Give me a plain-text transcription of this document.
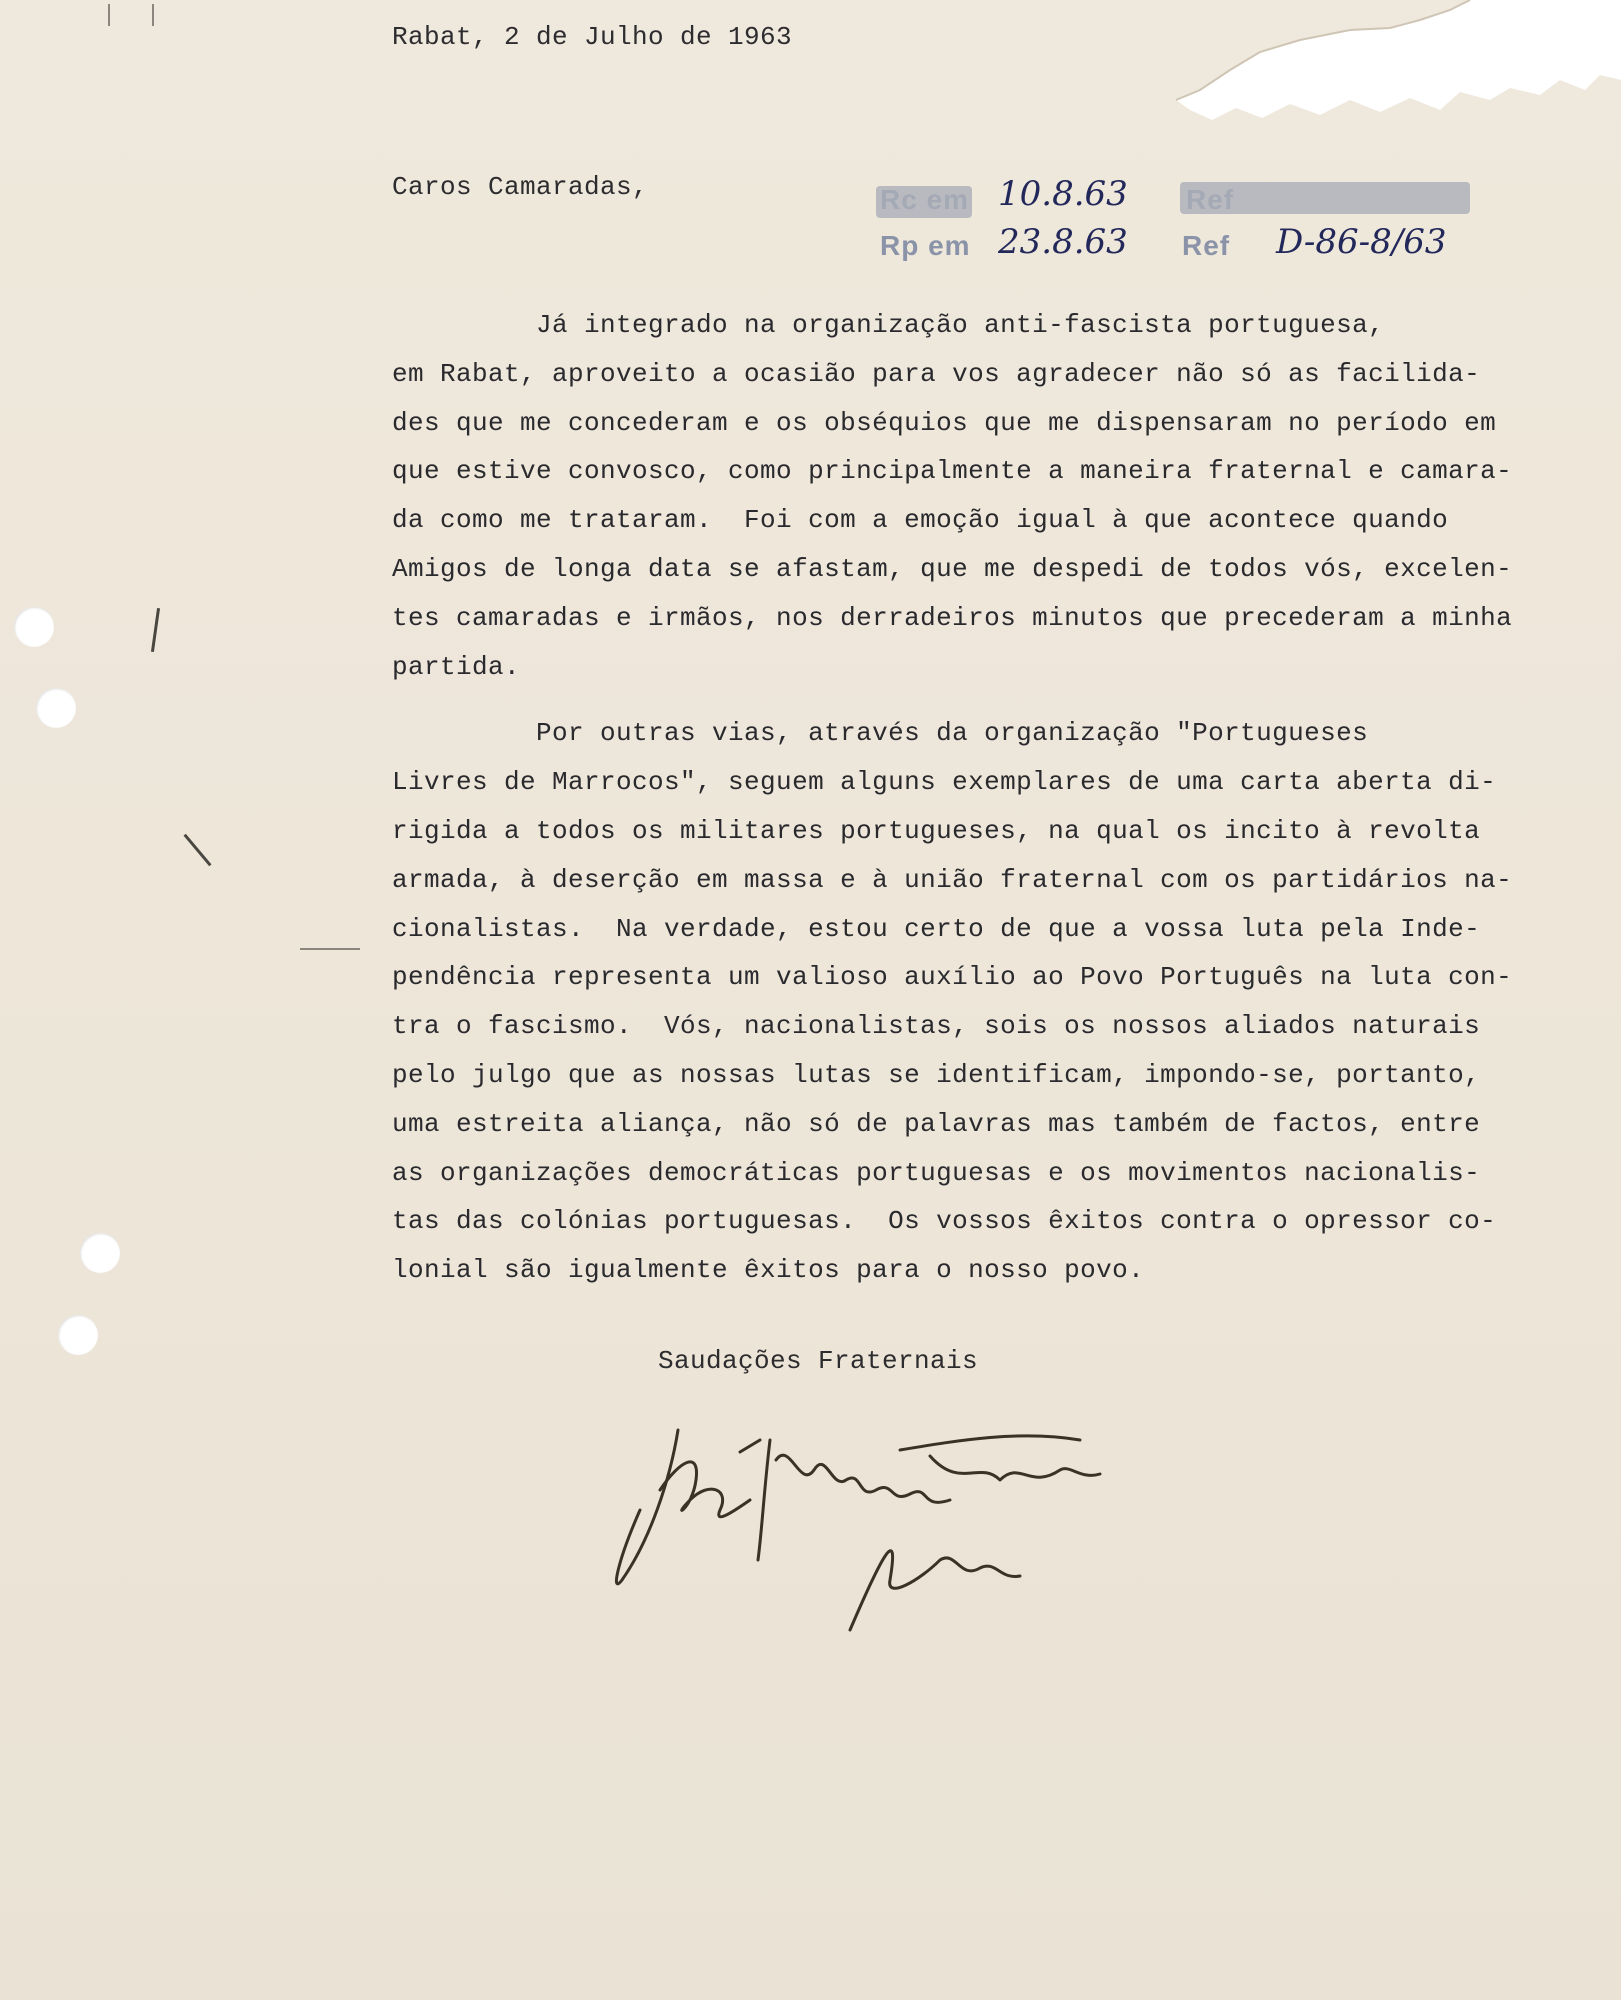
Rabat, 2 de Julho de 1963
Caros Camaradas,	Rc em 10.8.63 Ref
Rp em 23.8.63 Ref D-86-8/63
Já integrado na organização anti-fascista portuguesa,
em Rabat, aproveito a ocasião para vos agradecer não só as facilida-
des que me concederam e os obséquios que me dispensaram no período em
que estive convosco, como principalmente a maneira fraternal e camara-
da como me trataram.  Foi com a emoção igual à que acontece quando
Amigos de longa data se afastam, que me despedi de todos vós, excelen-
tes camaradas e irmãos, nos derradeiros minutos que precederam a minha
partida.
Por outras vias, através da organização "Portugueses
Livres de Marrocos", seguem alguns exemplares de uma carta aberta di-
rigida a todos os militares portugueses, na qual os incito à revolta
armada, à deserção em massa e à união fraternal com os partidários na-
cionalistas.  Na verdade, estou certo de que a vossa luta pela Inde-
pendência representa um valioso auxílio ao Povo Português na luta con-
tra o fascismo.  Vós, nacionalistas, sois os nossos aliados naturais
pelo julgo que as nossas lutas se identificam, impondo-se, portanto,
uma estreita aliança, não só de palavras mas também de factos, entre
as organizações democráticas portuguesas e os movimentos nacionalis-
tas das colónias portuguesas.  Os vossos êxitos contra o opressor co-
lonial são igualmente êxitos para o nosso povo.
Saudações Fraternais
